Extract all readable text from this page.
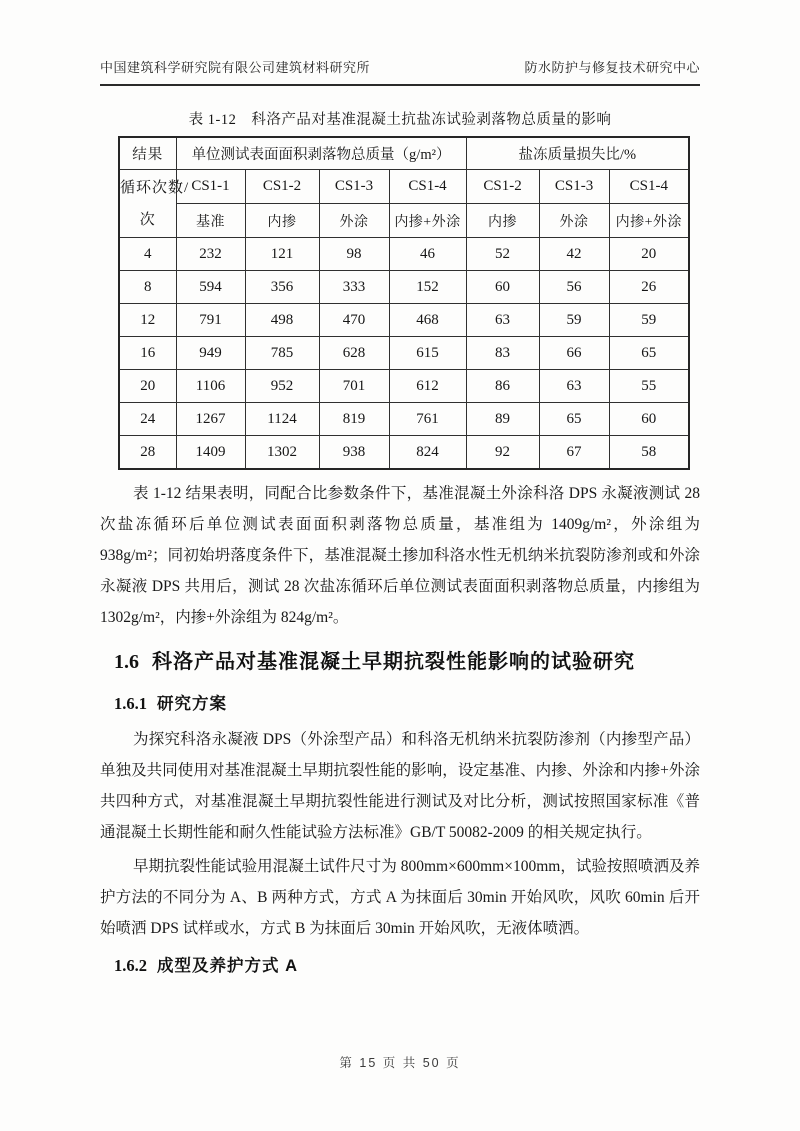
中国建筑科学研究院有限公司建筑材料研究所	防水防护与修复技术研究中心
表 1-12　科洛产品对基准混凝土抗盐冻试验剥落物总质量的影响
结果	单位测试表面面积剥落物总质量（g/m²）				盐冻质量损失比/%		
循环次数/次	CS1-1	CS1-2	CS1-3	CS1-4	CS1-2	CS1-3	CS1-4
	基准	内掺	外涂	内掺+外涂	内掺	外涂	内掺+外涂
4	232	121	98	46	52	42	20
8	594	356	333	152	60	56	26
12	791	498	470	468	63	59	59
16	949	785	628	615	83	66	65
20	1106	952	701	612	86	63	55
24	1267	1124	819	761	89	65	60
28	1409	1302	938	824	92	67	58

表 1-12 结果表明，同配合比参数条件下，基准混凝土外涂科洛 DPS 永凝液测试 28 次盐冻循环后单位测试表面面积剥落物总质量，基准组为 1409g/m²，外涂组为 938g/m²；同初始坍落度条件下，基准混凝土掺加科洛水性无机纳米抗裂防渗剂或和外涂永凝液 DPS 共用后，测试 28 次盐冻循环后单位测试表面面积剥落物总质量，内掺组为 1302g/m²，内掺+外涂组为 824g/m²。

1.6 科洛产品对基准混凝土早期抗裂性能影响的试验研究
1.6.1 研究方案

为探究科洛永凝液 DPS（外涂型产品）和科洛无机纳米抗裂防渗剂（内掺型产品）单独及共同使用对基准混凝土早期抗裂性能的影响，设定基准、内掺、外涂和内掺+外涂共四种方式，对基准混凝土早期抗裂性能进行测试及对比分析，测试按照国家标准《普通混凝土长期性能和耐久性能试验方法标准》GB/T 50082-2009 的相关规定执行。

早期抗裂性能试验用混凝土试件尺寸为 800mm×600mm×100mm，试验按照喷洒及养护方法的不同分为 A、B 两种方式，方式 A 为抹面后 30min 开始风吹，风吹 60min 后开始喷洒 DPS 试样或水，方式 B 为抹面后 30min 开始风吹，无液体喷洒。

1.6.2 成型及养护方式 A
第 15 页 共 50 页
